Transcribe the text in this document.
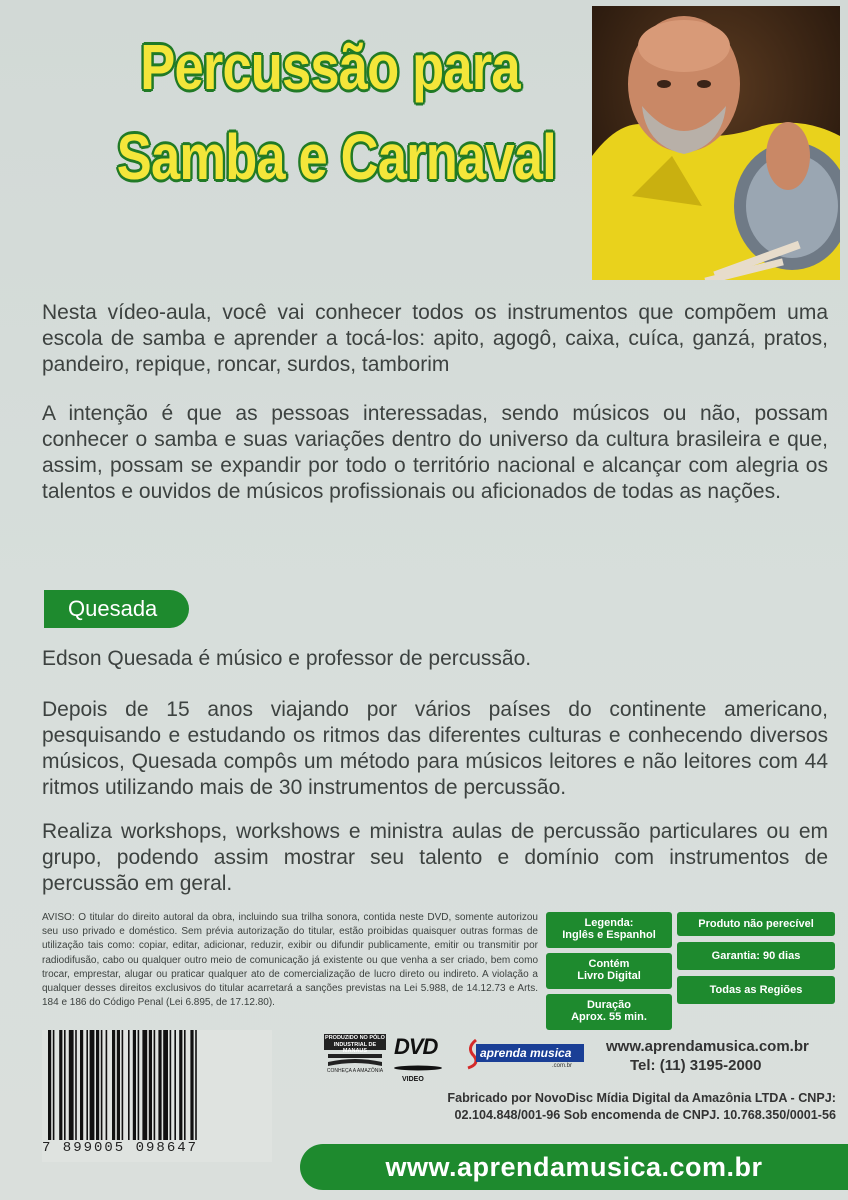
Percussão para
Samba e Carnaval
Nesta vídeo-aula, você vai conhecer todos os instrumentos que compõem uma escola de samba e aprender a tocá-los: apito, agogô, caixa, cuíca, ganzá, pratos, pandeiro, repique, roncar, surdos, tamborim
A intenção é que as pessoas interessadas, sendo músicos ou não, possam conhecer o samba e suas variações dentro do universo da cultura brasileira e que, assim, possam se expandir por todo o território nacional e alcançar com alegria os talentos e ouvidos de músicos profissionais ou aficionados de todas as nações.
Quesada
Edson Quesada é músico e professor de percussão.
Depois de 15 anos viajando por vários países do continente americano, pesquisando e estudando os ritmos das diferentes culturas e conhecendo diversos músicos, Quesada compôs um método para músicos leitores e não leitores com 44 ritmos utilizando mais de 30 instrumentos de percussão.
Realiza workshops, workshows e ministra aulas de percussão particulares ou em grupo, podendo assim mostrar seu talento e domínio com instrumentos de percussão em geral.
AVISO: O titular do direito autoral da obra, incluindo sua trilha sonora, contida neste DVD, somente autorizou seu uso privado e doméstico. Sem prévia autorização do titular, estão proibidas quaisquer outras formas de utilização tais como: copiar, editar, adicionar, reduzir, exibir ou difundir publicamente, emitir ou transmitir por radiodifusão, cabo ou qualquer outro meio de comunicação já existente ou que venha a ser criado, bem como trocar, emprestar, alugar ou praticar qualquer ato de comercialização de lucro direto ou indireto. A violação a qualquer desses direitos exclusivos do titular acarretará a sanções previstas na Lei 5.988, de 14.12.73 e Arts. 184 e 186 do Código Penal (Lei 6.895, de 17.12.80).
Legenda:
Inglês e Espanhol
Contém
Livro Digital
Duração
Aprox. 55 min.
Produto não perecível
Garantia: 90 dias
Todas as Regiões
7 899005 098647
PRODUZIDO NO PÓLO INDUSTRIAL DE MANAUS
CONHEÇA A AMAZÔNIA
DVD
VIDEO
aprenda musica
.com.br
www.aprendamusica.com.br
Tel: (11) 3195-2000
Fabricado por NovoDisc Mídia Digital da Amazônia LTDA - CNPJ:
02.104.848/001-96 Sob encomenda de CNPJ. 10.768.350/0001-56
www.aprendamusica.com.br
